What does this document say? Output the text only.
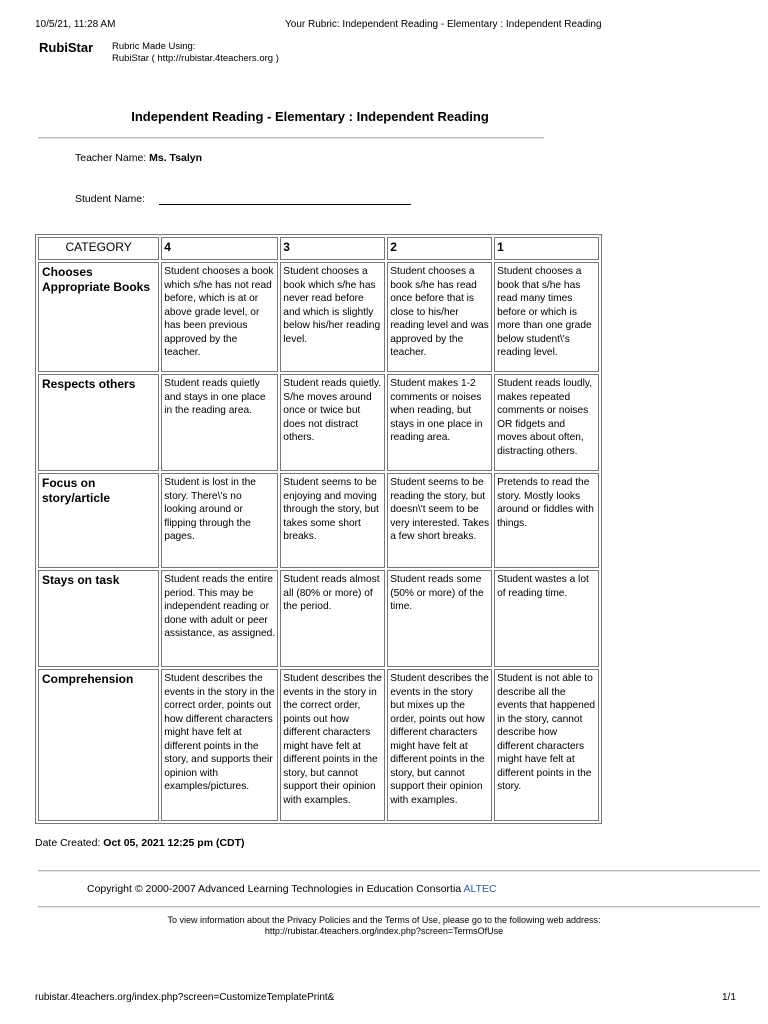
10/5/21, 11:28 AM	Your Rubric: Independent Reading - Elementary : Independent Reading
RubiStar Rubric Made Using:
RubiStar ( http://rubistar.4teachers.org )
Independent Reading - Elementary : Independent Reading
Teacher Name: Ms. Tsalyn
Student Name:
CATEGORY	4	3	2	1
Chooses Appropriate Books	Student chooses a book which s/he has not read before, which is at or above grade level, or has been previous approved by the teacher.	Student chooses a book which s/he has never read before and which is slightly below his/her reading level.	Student chooses a book s/he has read once before that is close to his/her reading level and was approved by the teacher.	Student chooses a book that s/he has read many times before or which is more than one grade below student\'s reading level.
Respects others	Student reads quietly and stays in one place in the reading area.	Student reads quietly. S/he moves around once or twice but does not distract others.	Student makes 1-2 comments or noises when reading, but stays in one place in reading area.	Student reads loudly, makes repeated comments or noises OR fidgets and moves about often, distracting others.
Focus on story/article	Student is lost in the story. There\'s no looking around or flipping through the pages.	Student seems to be enjoying and moving through the story, but takes some short breaks.	Student seems to be reading the story, but doesn\'t seem to be very interested. Takes a few short breaks.	Pretends to read the story. Mostly looks around or fiddles with things.
Stays on task	Student reads the entire period. This may be independent reading or done with adult or peer assistance, as assigned.	Student reads almost all (80% or more) of the period.	Student reads some (50% or more) of the time.	Student wastes a lot of reading time.
Comprehension	Student describes the events in the story in the correct order, points out how different characters might have felt at different points in the story, and supports their opinion with examples/pictures.	Student describes the events in the story in the correct order, points out how different characters might have felt at different points in the story, but cannot support their opinion with examples.	Student describes the events in the story but mixes up the order, points out how different characters might have felt at different points in the story, but cannot support their opinion with examples.	Student is not able to describe all the events that happened in the story, cannot describe how different characters might have felt at different points in the story.
Date Created: Oct 05, 2021 12:25 pm (CDT)
Copyright © 2000-2007 Advanced Learning Technologies in Education Consortia ALTEC
To view information about the Privacy Policies and the Terms of Use, please go to the following web address:
http://rubistar.4teachers.org/index.php?screen=TermsOfUse
rubistar.4teachers.org/index.php?screen=CustomizeTemplatePrint&	1/1
